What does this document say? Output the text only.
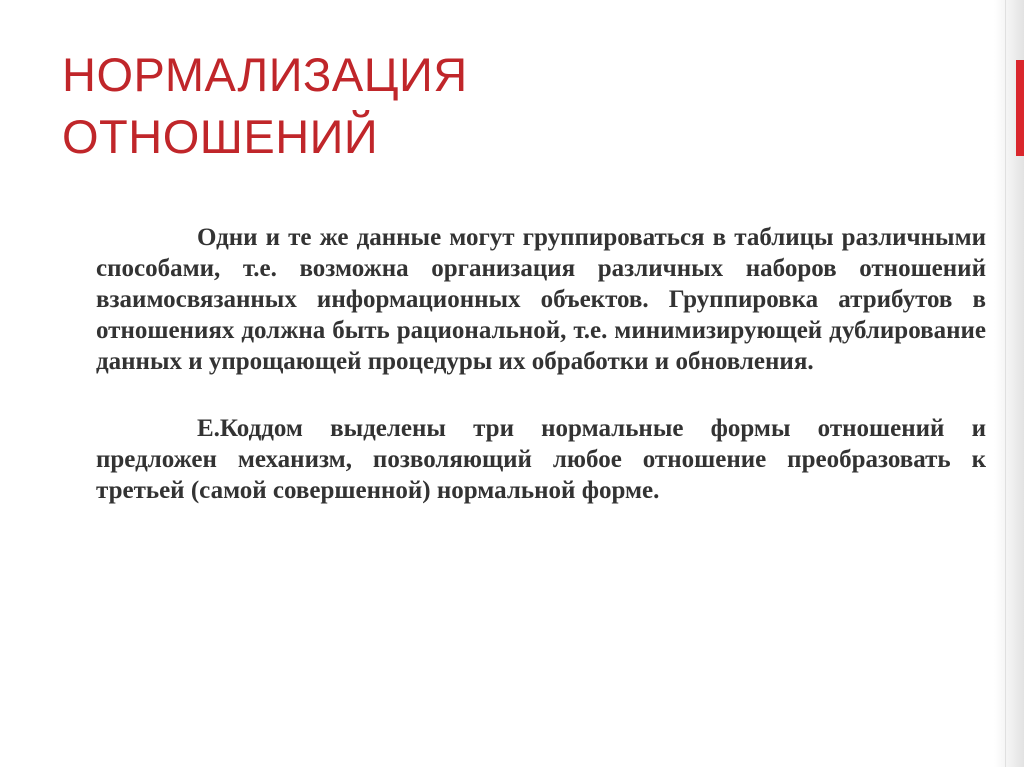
НОРМАЛИЗАЦИЯ
ОТНОШЕНИЙ

Одни и те же данные могут группироваться в таблицы различными способами, т.е. возможна организация различных наборов отношений взаимосвязанных информационных объектов. Группировка атрибутов в отношениях должна быть рациональной, т.е. минимизирующей дублирование данных и упрощающей процедуры их обработки и обновления.

Е.Коддом выделены три нормальные формы отношений и предложен механизм, позволяющий любое отношение преобразовать к третьей (самой совершенной) нормальной форме.
